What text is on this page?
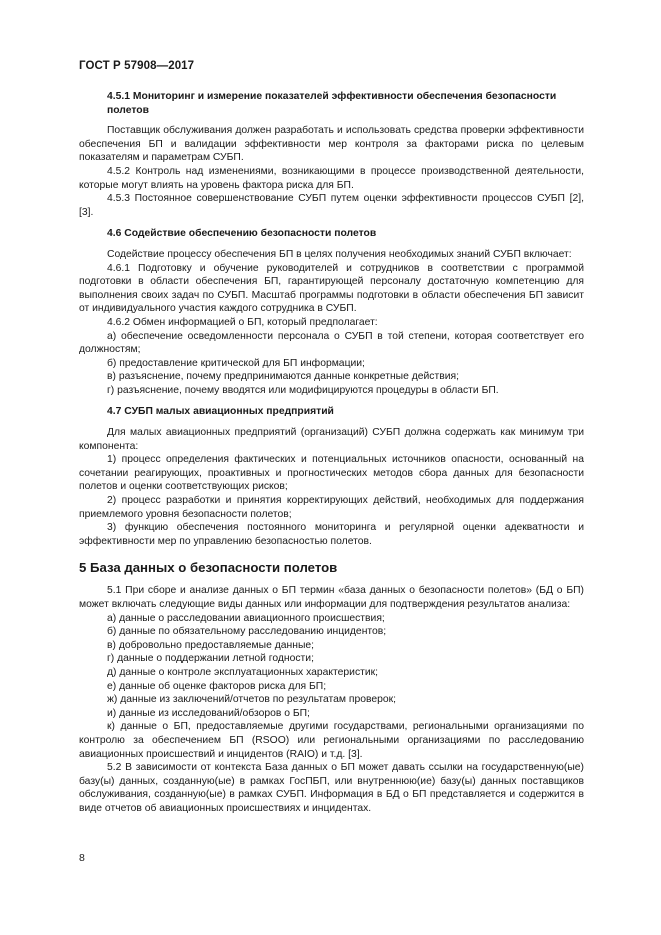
ГОСТ Р 57908—2017

4.5.1 Мониторинг и измерение показателей эффективности обеспечения безопасности полетов

Поставщик обслуживания должен разработать и использовать средства проверки эффективности обеспечения БП и валидации эффективности мер контроля за факторами риска по целевым показателям и параметрам СУБП.

4.5.2 Контроль над изменениями, возникающими в процессе производственной деятельности, которые могут влиять на уровень фактора риска для БП.

4.5.3 Постоянное совершенствование СУБП путем оценки эффективности процессов СУБП [2], [3].

4.6 Содействие обеспечению безопасности полетов

Содействие процессу обеспечения БП в целях получения необходимых знаний СУБП включает:

4.6.1 Подготовку и обучение руководителей и сотрудников в соответствии с программой подготовки в области обеспечения БП, гарантирующей персоналу достаточную компетенцию для выполнения своих задач по СУБП. Масштаб программы подготовки в области обеспечения БП зависит от индивидуального участия каждого сотрудника в СУБП.

4.6.2 Обмен информацией о БП, который предполагает:

а) обеспечение осведомленности персонала о СУБП в той степени, которая соответствует его должностям;

б) предоставление критической для БП информации;

в) разъяснение, почему предпринимаются данные конкретные действия;

г) разъяснение, почему вводятся или модифицируются процедуры в области БП.

4.7 СУБП малых авиационных предприятий

Для малых авиационных предприятий (организаций) СУБП должна содержать как минимум три компонента:

1) процесс определения фактических и потенциальных источников опасности, основанный на сочетании реагирующих, проактивных и прогностических методов сбора данных для безопасности полетов и оценки соответствующих рисков;

2) процесс разработки и принятия корректирующих действий, необходимых для поддержания приемлемого уровня безопасности полетов;

3) функцию обеспечения постоянного мониторинга и регулярной оценки адекватности и эффективности мер по управлению безопасностью полетов.

5 База данных о безопасности полетов

5.1 При сборе и анализе данных о БП термин «база данных о безопасности полетов» (БД о БП) может включать следующие виды данных или информации для подтверждения результатов анализа:

а) данные о расследовании авиационного происшествия;

б) данные по обязательному расследованию инцидентов;

в) добровольно предоставляемые данные;

г) данные о поддержании летной годности;

д) данные о контроле эксплуатационных характеристик;

е) данные об оценке факторов риска для БП;

ж) данные из заключений/отчетов по результатам проверок;

и) данные из исследований/обзоров о БП;

к) данные о БП, предоставляемые другими государствами, региональными организациями по контролю за обеспечением БП (RSOO) или региональными организациями по расследованию авиационных происшествий и инцидентов (RAIO) и т.д. [3].

5.2 В зависимости от контекста База данных о БП может давать ссылки на государственную(ые) базу(ы) данных, созданную(ые) в рамках ГосПБП, или внутреннюю(ие) базу(ы) данных поставщиков обслуживания, созданную(ые) в рамках СУБП. Информация в БД о БП представляется и содержится в виде отчетов об авиационных происшествиях и инцидентах.

8
